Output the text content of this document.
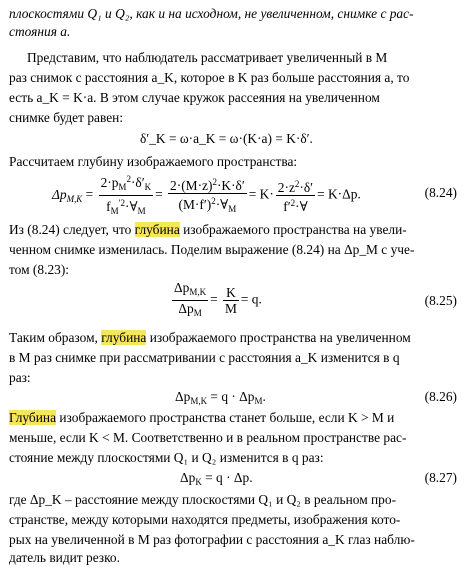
плоскостями Q₁ и Q₂, как и на исходном, не увеличенном, снимке с рас-
стояния a.
Представим, что наблюдатель рассматривает увеличенный в M
раз снимок с расстояния a_K, которое в K раз больше расстояния a, то
есть a_K = K·a. В этом случае кружок рассеяния на увеличенном
снимке будет равен:
δ′_K = ω·a_K = ω·(K·a) = K·δ′.
Рассчитаем глубину изображаемого пространства:
$\Delta p_{M,K} = \frac{2\cdot p_M^2\cdot\delta'_K}{f_M^{'2}\cdot\forall_M} = \frac{2\cdot(M\cdot z)^2\cdot K\cdot\delta'}{(M\cdot f')^2\cdot\forall_M} = K\cdot \frac{2\cdot z^2\cdot\delta'}{f'^2\cdot\forall} = K\cdot\Delta p$.	(8.24)
Из (8.24) следует, что глубина изображаемого пространства на увели-
ченном снимке изменилась. Поделим выражение (8.24) на Δp_M с уче-
том (8.23):
$\frac{\Delta p_{M,K}}{\Delta p_M} = \frac{K}{M} = q$.	(8.25)
Таким образом, глубина изображаемого пространства на увеличенном
в M раз снимке при рассматривании с расстояния a_K изменится в q
раз:
$\Delta p_{M,K} = q \cdot \Delta p_M$.	(8.26)
Глубина изображаемого пространства станет больше, если K > M и
меньше, если K < M. Соответственно и в реальном пространстве рас-
стояние между плоскостями Q₁ и Q₂ изменится в q раз:
$\Delta p_K = q \cdot \Delta p$.	(8.27)
где Δp_K – расстояние между плоскостями Q₁ и Q₂ в реальном про-
странстве, между которыми находятся предметы, изображения кото-
рых на увеличенной в M раз фотографии с расстояния a_K глаз наблю-
датель видит резко.
